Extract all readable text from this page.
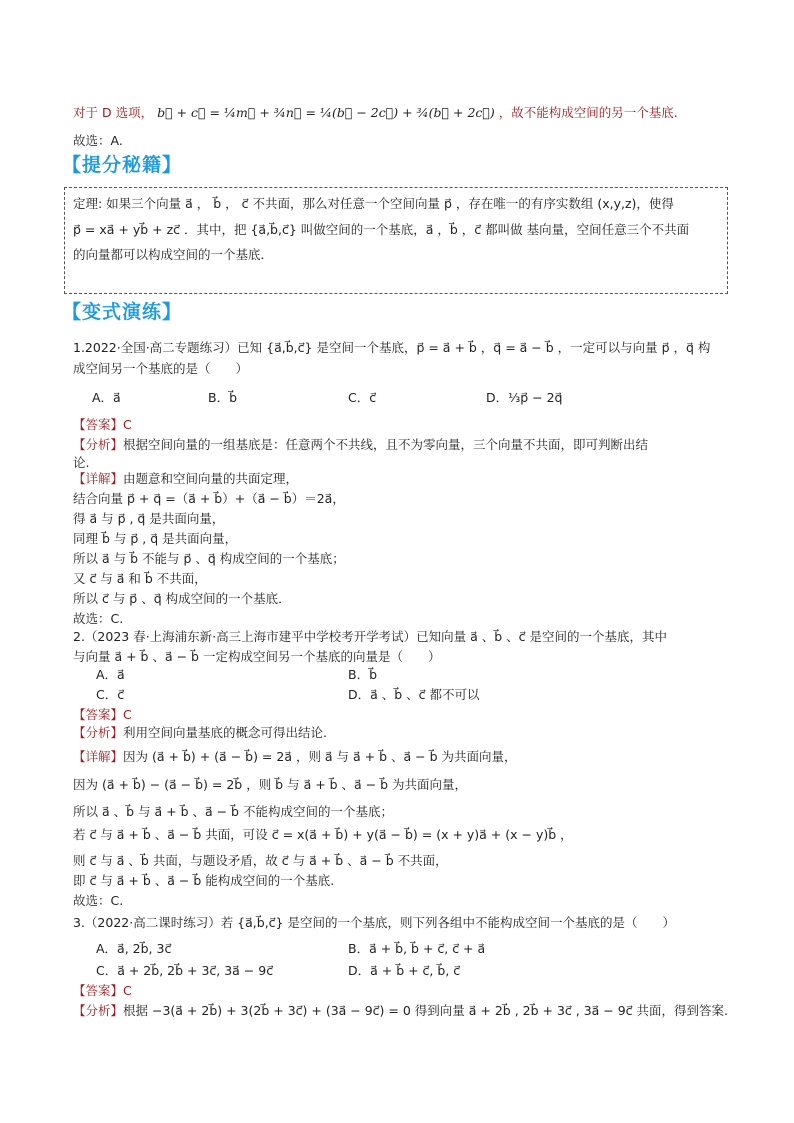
对于 D 选项， b⃗ + c⃗ = ¼m⃗ + ¾n⃗ = ¼(b⃗ − 2c⃗) + ¾(b⃗ + 2c⃗) ，故不能构成空间的另一个基底.
故选：A.
【提分秘籍】
定理: 如果三个向量 a⃗ ， b⃗ ， c⃗ 不共面，那么对任意一个空间向量 p⃗ ，存在唯一的有序实数组 (x,y,z)，使得
p⃗ = xa⃗ + yb⃗ + zc⃗ ．其中，把 {a⃗,b⃗,c⃗} 叫做空间的一个基底，a⃗ ，b⃗ ，c⃗ 都叫做 基向量，空间任意三个不共面
的向量都可以构成空间的一个基底．
【变式演练】
1.2022·全国·高二专题练习）已知 {a⃗,b⃗,c⃗} 是空间一个基底，p⃗ = a⃗ + b⃗ ，q⃗ = a⃗ − b⃗ ，一定可以与向量 p⃗ ，q⃗ 构
成空间另一个基底的是（　　）
A．a⃗	B．b⃗	C．c⃗	D．⅓p⃗ − 2q⃗
【答案】C
【分析】根据空间向量的一组基底是：任意两个不共线，且不为零向量，三个向量不共面，即可判断出结
论.
【详解】由题意和空间向量的共面定理，
结合向量 p⃗ + q⃗ =（a⃗ + b⃗）+（a⃗ − b⃗）＝2a⃗，
得 a⃗ 与 p⃗ , q⃗ 是共面向量，
同理 b⃗ 与 p⃗ , q⃗ 是共面向量，
所以 a⃗ 与 b⃗ 不能与 p⃗ 、q⃗ 构成空间的一个基底；
又 c⃗ 与 a⃗ 和 b⃗ 不共面，
所以 c⃗ 与 p⃗ 、q⃗ 构成空间的一个基底．
故选：C.
2.（2023 春·上海浦东新·高三上海市建平中学校考开学考试）已知向量 a⃗ 、b⃗ 、c⃗ 是空间的一个基底，其中
与向量 a⃗ + b⃗ 、a⃗ − b⃗ 一定构成空间另一个基底的向量是（　　）
A．a⃗	B．b⃗
C．c⃗	D．a⃗ 、b⃗ 、c⃗ 都不可以
【答案】C
【分析】利用空间向量基底的概念可得出结论.
【详解】因为 (a⃗ + b⃗) + (a⃗ − b⃗) = 2a⃗ ，则 a⃗ 与 a⃗ + b⃗ 、a⃗ − b⃗ 为共面向量，
因为 (a⃗ + b⃗) − (a⃗ − b⃗) = 2b⃗ ，则 b⃗ 与 a⃗ + b⃗ 、a⃗ − b⃗ 为共面向量，
所以 a⃗ 、b⃗ 与 a⃗ + b⃗ 、a⃗ − b⃗ 不能构成空间的一个基底；
若 c⃗ 与 a⃗ + b⃗ 、a⃗ − b⃗ 共面，可设 c⃗ = x(a⃗ + b⃗) + y(a⃗ − b⃗) = (x + y)a⃗ + (x − y)b⃗ ，
则 c⃗ 与 a⃗ 、b⃗ 共面，与题设矛盾，故 c⃗ 与 a⃗ + b⃗ 、a⃗ − b⃗ 不共面，
即 c⃗ 与 a⃗ + b⃗ 、a⃗ − b⃗ 能构成空间的一个基底.
故选：C.
3.（2022·高二课时练习）若 {a⃗,b⃗,c⃗} 是空间的一个基底，则下列各组中不能构成空间一个基底的是（　　）
A．a⃗, 2b⃗, 3c⃗	B．a⃗ + b⃗, b⃗ + c⃗, c⃗ + a⃗
C．a⃗ + 2b⃗, 2b⃗ + 3c⃗, 3a⃗ − 9c⃗	D．a⃗ + b⃗ + c⃗, b⃗, c⃗
【答案】C
【分析】根据 −3(a⃗ + 2b⃗) + 3(2b⃗ + 3c⃗) + (3a⃗ − 9c⃗) = 0 得到向量 a⃗ + 2b⃗ , 2b⃗ + 3c⃗ , 3a⃗ − 9c⃗ 共面，得到答案.
